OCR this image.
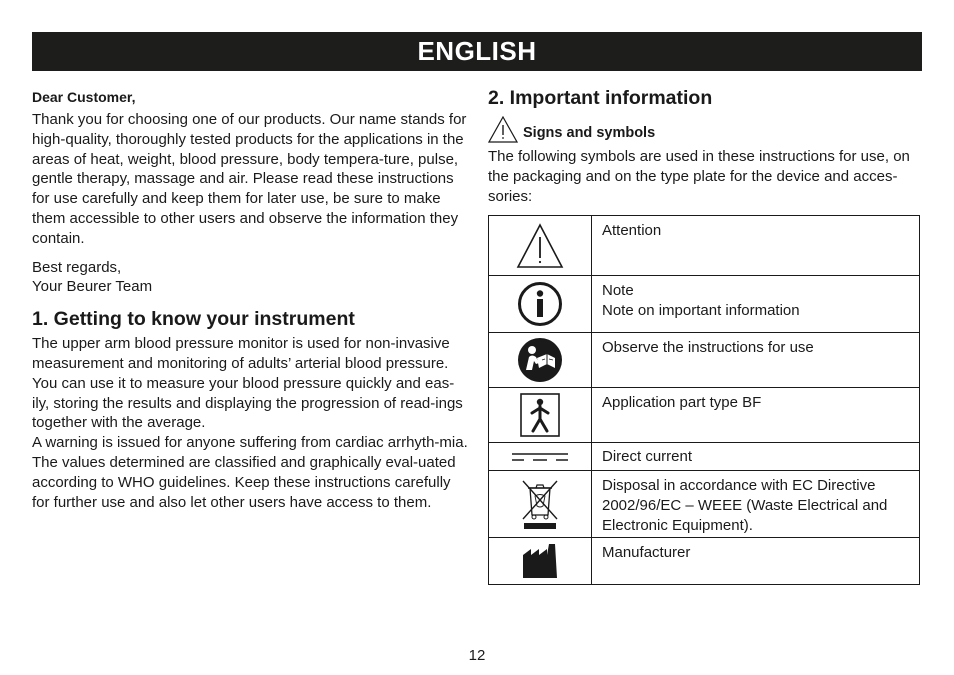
ENGLISH

Dear Customer,

Thank you for choosing one of our products. Our name stands for high-quality, thoroughly tested products for the applications in the areas of heat, weight, blood pressure, body tempera-ture, pulse, gentle therapy, massage and air. Please read these instructions for use carefully and keep them for later use, be sure to make them accessible to other users and observe the information they contain.

Best regards,

Your Beurer Team

1. Getting to know your instrument

The upper arm blood pressure monitor is used for non-invasive measurement and monitoring of adults’ arterial blood pressure. You can use it to measure your blood pressure quickly and eas-ily, storing the results and displaying the progression of read-ings together with the average.

A warning is issued for anyone suffering from cardiac arrhyth-mia. The values determined are classified and graphically eval-uated according to WHO guidelines. Keep these instructions carefully for further use and also let other users have access to them.

2. Important information
Signs and symbols

The following symbols are used in these instructions for use, on the packaging and on the type plate for the device and acces-sories:

Attention

Note
Note on important information

Observe the instructions for use

Application part type BF

Direct current

Disposal in accordance with EC Directive 2002/96/EC – WEEE (Waste Electrical and Electronic Equipment).

Manufacturer
12
